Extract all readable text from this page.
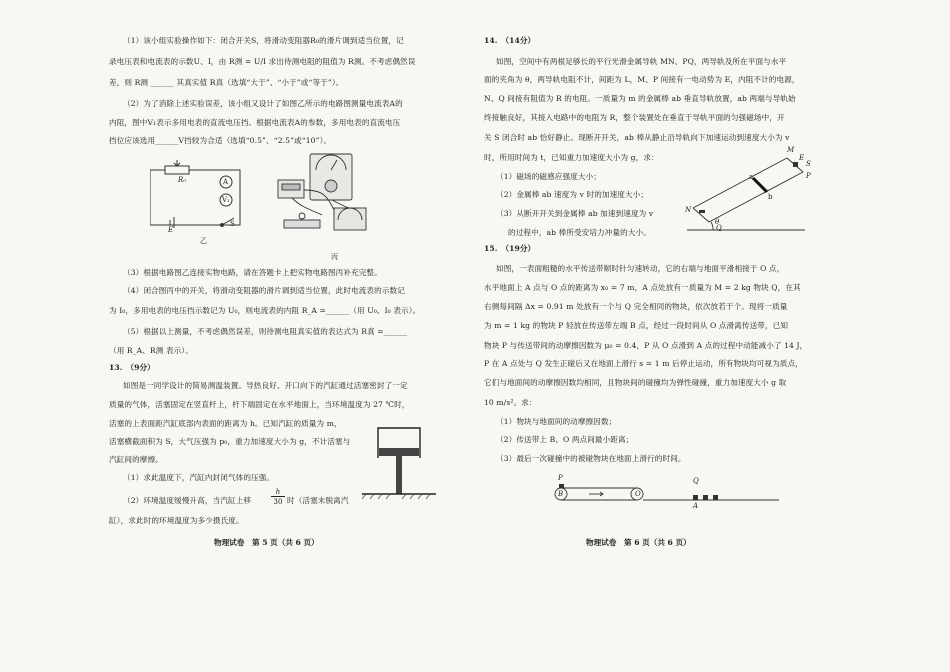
（1）该小组实验操作如下：闭合开关S，将滑动变阻器R₀的滑片调到适当位置，记
录电压表和电流表的示数U、I，由 R测 = U/I 求出待测电阻的阻值为 R测。不考虑偶然误
差，则 R测 ______ 其真实值 R真（选填“大于”、“小于”或“等于”）。
（2）为了消除上述实验误差，该小组又设计了如图乙所示的电路图测量电流表A的
内阻，图中V₁表示多用电表的直流电压挡。根据电流表A的参数，多用电表的直流电压
挡位应该选用______V挡较为合适（选填“0.5”、“2.5”或“10”）。
R₀	A
V₁
E
S
乙
丙
（3）根据电路图乙连接实物电路，请在答题卡上把实物电路图丙补充完整。
（4）闭合图丙中的开关，将滑动变阻器的滑片调到适当位置，此时电流表的示数记
为 I₀，多用电表的电压挡示数记为 U₀，则电流表的内阻 R_A =______（用 U₀、I₀ 表示）。
（5）根据以上测量，不考虑偶然误差，则待测电阻真实值的表达式为 R真 =______
（用 R_A、R测 表示）。
13.　（9分）
如图是一同学设计的简易测温装置。导热良好、开口向下的汽缸通过活塞密封了一定
质量的气体，活塞固定在竖直杆上，杆下端固定在水平地面上，当环境温度为 27 ℃时，
活塞的上表面距汽缸底部内表面的距离为 h。已知汽缸的质量为 m，
活塞横截面积为 S，大气压强为 p₀，重力加速度大小为 g，不计活塞与
汽缸间的摩擦。
（1）求此温度下，汽缸内封闭气体的压强。
（2）环境温度缓慢升高，当汽缸上移	$\frac{h}{30}$ 时（活塞未脱离汽
缸），求此时的环境温度为多少摄氏度。
物理试卷　第 5 页（共 6 页）
14.　（14分）
如图，空间中有两根足够长的平行光滑金属导轨 MN、PQ，两导轨及所在平面与水平
面的夹角为 θ，两导轨电阻不计，间距为 L，M、P 间接有一电动势为 E，内阻不计的电源，
N、Q 间接有阻值为 R 的电阻。一质量为 m 的金属棒 ab 垂直导轨放置，ab 两端与导轨始
终接触良好，其接入电路中的电阻为 R，整个装置处在垂直于导轨平面的匀强磁场中，开
关 S 闭合时 ab 恰好静止。现断开开关，ab 棒从静止沿导轨向下加速运动到速度大小为 v
时，所用时间为 t，已知重力加速度大小为 g，求：
（1）磁场的磁感应强度大小；
（2）金属棒 ab 速度为 v 时的加速度大小；
（3）从断开开关到金属棒 ab 加速到速度为 v
的过程中，ab 棒所受安培力冲量的大小。
M
E
S
P
a
b
N
Q
θ
15.　（19分）
如图，一表面粗糙的水平传送带顺时针匀速转动，它的右端与地面平滑相接于 O 点，
水平地面上 A 点与 O 点的距离为 x₀ = 7 m，A 点处放有一质量为 M = 2 kg 物块 Q，在其
右侧每间隔 Δx = 0.91 m 处放有一个与 Q 完全相同的物块，依次放若干个。现将一质量
为 m = 1 kg 的物块 P 轻放在传送带左端 B 点，经过一段时间从 O 点滑离传送带，已知
物块 P 与传送带间的动摩擦因数为 μ₀ = 0.4，P 从 O 点滑到 A 点的过程中动能减小了 14 J，
P 在 A 点处与 Q 发生正碰后又在地面上滑行 s = 1 m 后停止运动，所有物块均可视为质点，
它们与地面间的动摩擦因数均相同，且物块间的碰撞均为弹性碰撞，重力加速度大小 g 取
10 m/s²。求：
（1）物块与地面间的动摩擦因数；
（2）传送带上 B、O 两点间最小距离；
（3）最后一次碰撞中的被碰物块在地面上滑行的时间。
P
B	O
Q
A
物理试卷　第 6 页（共 6 页）
